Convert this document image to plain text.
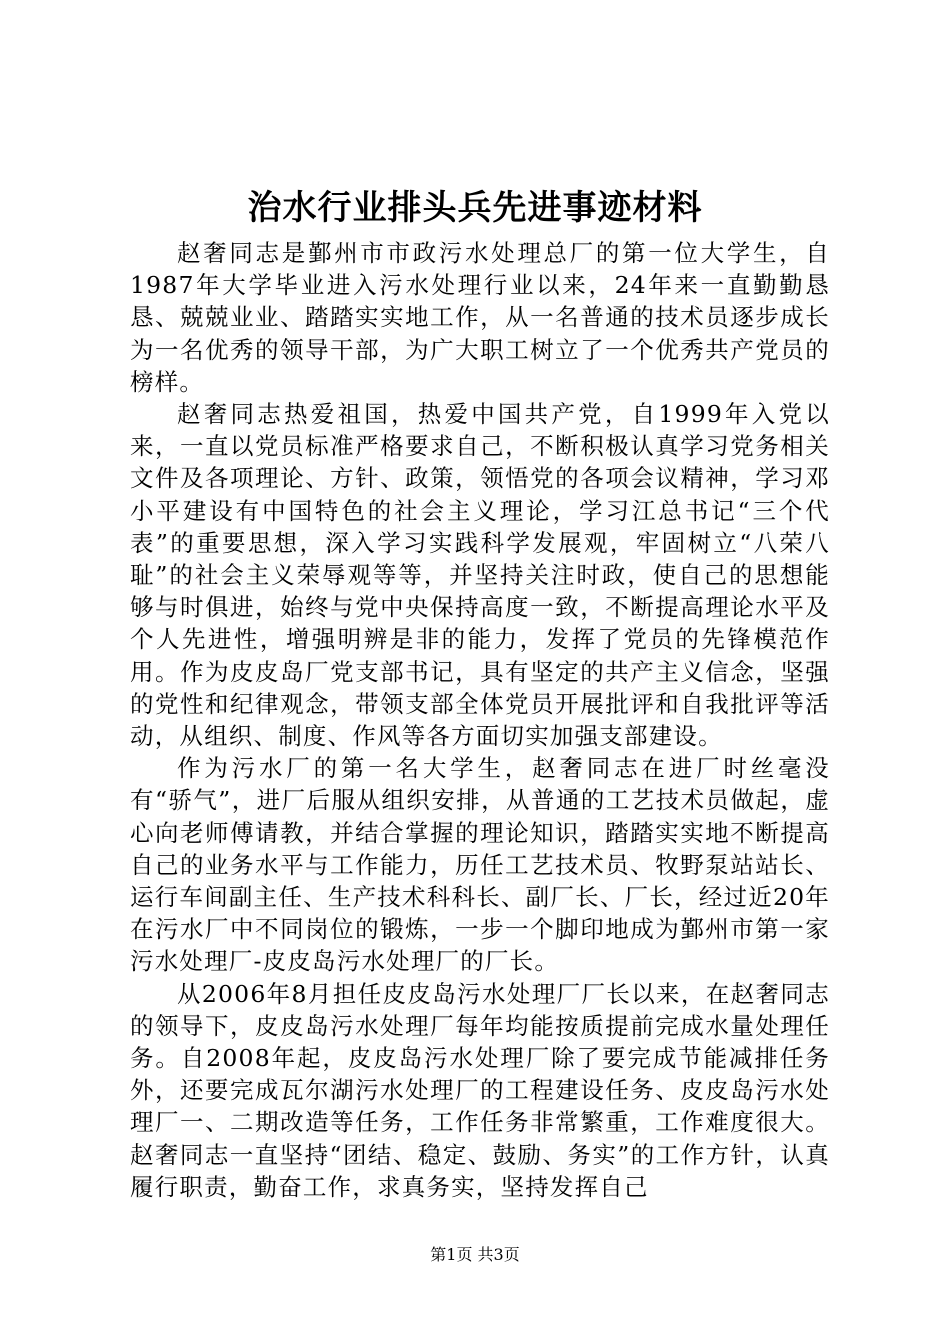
治水行业排头兵先进事迹材料

赵奢同志是鄞州市市政污水处理总厂的第一位大学生，自1987年大学毕业进入污水处理行业以来，24年来一直勤勤恳恳、兢兢业业、踏踏实实地工作，从一名普通的技术员逐步成长为一名优秀的领导干部，为广大职工树立了一个优秀共产党员的榜样。

赵奢同志热爱祖国，热爱中国共产党，自1999年入党以来，一直以党员标准严格要求自己，不断积极认真学习党务相关文件及各项理论、方针、政策，领悟党的各项会议精神，学习邓小平建设有中国特色的社会主义理论，学习江总书记“三个代表”的重要思想，深入学习实践科学发展观，牢固树立“八荣八耻”的社会主义荣辱观等等，并坚持关注时政，使自己的思想能够与时俱进，始终与党中央保持高度一致，不断提高理论水平及个人先进性，增强明辨是非的能力，发挥了党员的先锋模范作用。作为皮皮岛厂党支部书记，具有坚定的共产主义信念，坚强的党性和纪律观念，带领支部全体党员开展批评和自我批评等活动，从组织、制度、作风等各方面切实加强支部建设。

作为污水厂的第一名大学生，赵奢同志在进厂时丝毫没有“骄气”，进厂后服从组织安排，从普通的工艺技术员做起，虚心向老师傅请教，并结合掌握的理论知识，踏踏实实地不断提高自己的业务水平与工作能力，历任工艺技术员、牧野泵站站长、运行车间副主任、生产技术科科长、副厂长、厂长，经过近20年在污水厂中不同岗位的锻炼，一步一个脚印地成为鄞州市第一家污水处理厂-皮皮岛污水处理厂的厂长。

从2006年8月担任皮皮岛污水处理厂厂长以来，在赵奢同志的领导下，皮皮岛污水处理厂每年均能按质提前完成水量处理任务。自2008年起，皮皮岛污水处理厂除了要完成节能减排任务外，还要完成瓦尔湖污水处理厂的工程建设任务、皮皮岛污水处理厂一、二期改造等任务，工作任务非常繁重，工作难度很大。赵奢同志一直坚持“团结、稳定、鼓励、务实”的工作方针，认真履行职责，勤奋工作，求真务实，坚持发挥自己

第1页 共3页
